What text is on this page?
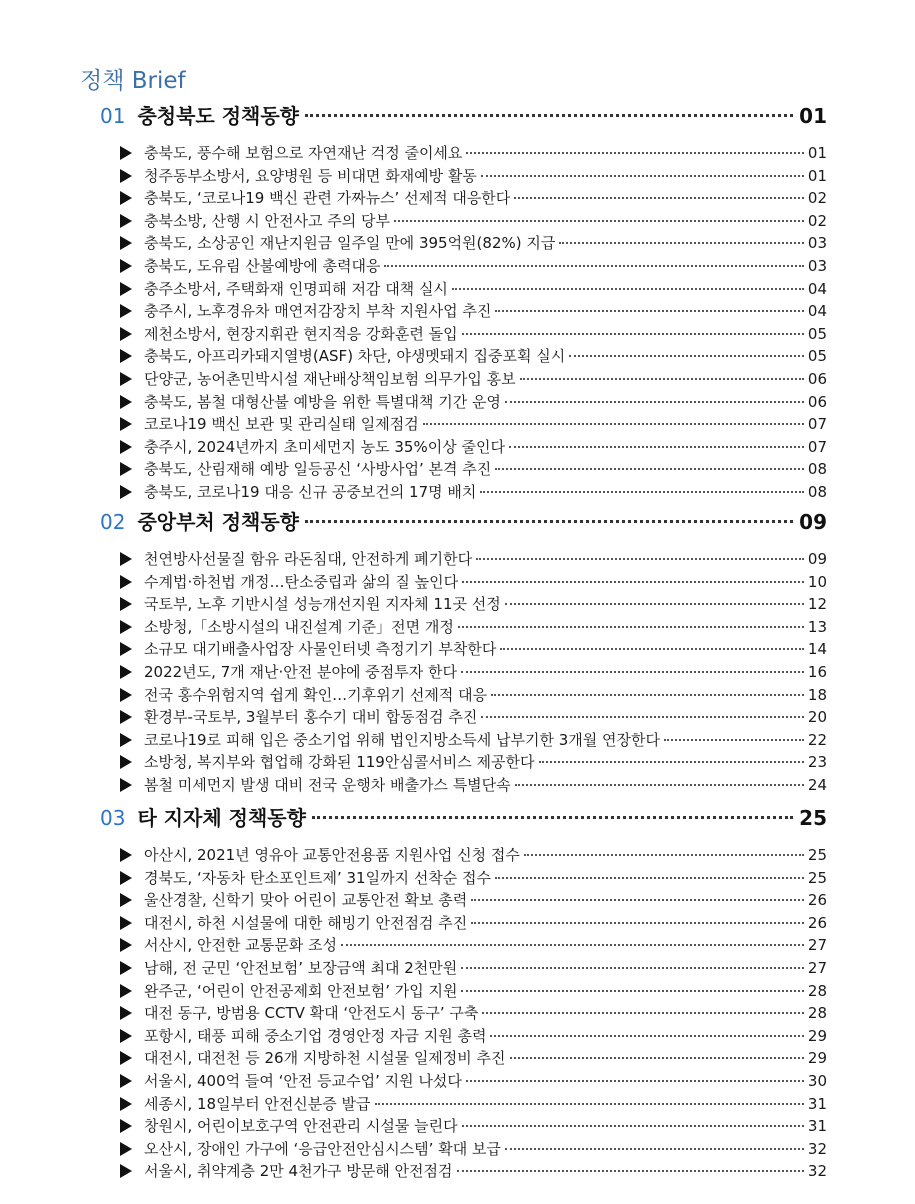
정책 Brief
01 충청북도 정책동향	01
충북도, 풍수해 보험으로 자연재난 걱정 줄이세요	01
청주동부소방서, 요양병원 등 비대면 화재예방 활동	01
충북도, ‘코로나19 백신 관련 가짜뉴스’ 선제적 대응한다	02
충북소방, 산행 시 안전사고 주의 당부	02
충북도, 소상공인 재난지원금 일주일 만에 395억원(82%) 지급	03
충북도, 도유림 산불예방에 총력대응	03
충주소방서, 주택화재 인명피해 저감 대책 실시	04
충주시, 노후경유차 매연저감장치 부착 지원사업 추진	04
제천소방서, 현장지휘관 현지적응 강화훈련 돌입	05
충북도, 아프리카돼지열병(ASF) 차단, 야생멧돼지 집중포획 실시	05
단양군, 농어촌민박시설 재난배상책임보험 의무가입 홍보	06
충북도, 봄철 대형산불 예방을 위한 특별대책 기간 운영	06
코로나19 백신 보관 및 관리실태 일제점검	07
충주시, 2024년까지 초미세먼지 농도 35%이상 줄인다	07
충북도, 산림재해 예방 일등공신 ‘사방사업’ 본격 추진	08
충북도, 코로나19 대응 신규 공중보건의 17명 배치	08
02 중앙부처 정책동향	09
천연방사선물질 함유 라돈침대, 안전하게 폐기한다	09
수계법·하천법 개정…탄소중립과 삶의 질 높인다	10
국토부, 노후 기반시설 성능개선지원 지자체 11곳 선정	12
소방청,「소방시설의 내진설계 기준」전면 개정	13
소규모 대기배출사업장 사물인터넷 측정기기 부착한다	14
2022년도, 7개 재난·안전 분야에 중점투자 한다	16
전국 홍수위험지역 쉽게 확인…기후위기 선제적 대응	18
환경부-국토부, 3월부터 홍수기 대비 합동점검 추진	20
코로나19로 피해 입은 중소기업 위해 법인지방소득세 납부기한 3개월 연장한다	22
소방청, 복지부와 협업해 강화된 119안심콜서비스 제공한다	23
봄철 미세먼지 발생 대비 전국 운행차 배출가스 특별단속	24
03 타 지자체 정책동향	25
아산시, 2021년 영유아 교통안전용품 지원사업 신청 접수	25
경북도, ‘자동차 탄소포인트제’ 31일까지 선착순 접수	25
울산경찰, 신학기 맞아 어린이 교통안전 확보 총력	26
대전시, 하천 시설물에 대한 해빙기 안전점검 추진	26
서산시, 안전한 교통문화 조성	27
남해, 전 군민 ‘안전보험’ 보장금액 최대 2천만원	27
완주군, ‘어린이 안전공제회 안전보험’ 가입 지원	28
대전 동구, 방범용 CCTV 확대 ‘안전도시 동구’ 구축	28
포항시, 태풍 피해 중소기업 경영안정 자금 지원 총력	29
대전시, 대전천 등 26개 지방하천 시설물 일제정비 추진	29
서울시, 400억 들여 ‘안전 등교수업’ 지원 나섰다	30
세종시, 18일부터 안전신분증 발급	31
창원시, 어린이보호구역 안전관리 시설물 늘린다	31
오산시, 장애인 가구에 ‘응급안전안심시스템’ 확대 보급	32
서울시, 취약계층 2만 4천가구 방문해 안전점검	32
